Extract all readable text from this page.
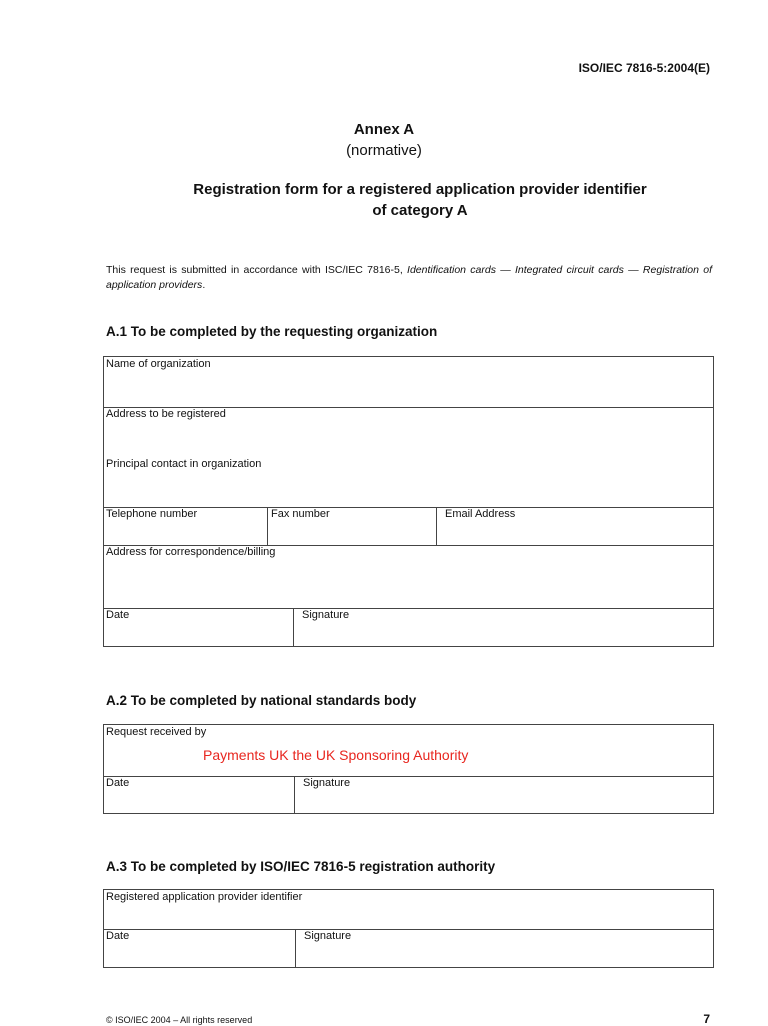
ISO/IEC 7816-5:2004(E)
Annex A
(normative)
Registration form for a registered application provider identifier
of category A
This request is submitted in accordance with ISC/IEC 7816-5, Identification cards — Integrated circuit cards — Registration of application providers.
A.1 To be completed by the requesting organization
Name of organization
Address to be registered
Principal contact in organization
Telephone number	Fax number	Email Address
Address for correspondence/billing
Date	Signature
A.2 To be completed by national standards body
Request received by
Payments UK the UK Sponsoring Authority
Date	Signature
A.3 To be completed by ISO/IEC 7816-5 registration authority
Registered application provider identifier
Date	Signature
© ISO/IEC 2004 – All rights reserved	7
